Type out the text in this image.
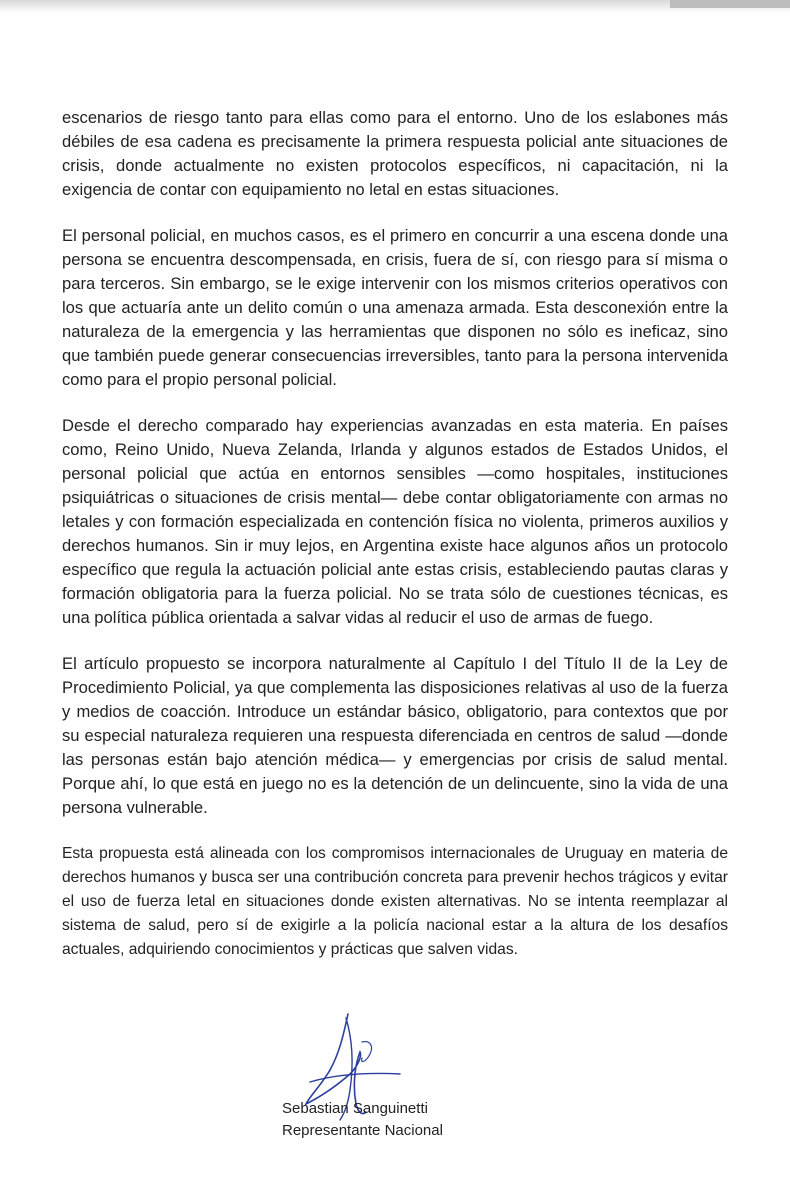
escenarios de riesgo tanto para ellas como para el entorno. Uno de los eslabones más débiles de esa cadena es precisamente la primera respuesta policial ante situaciones de crisis, donde actualmente no existen protocolos específicos, ni capacitación, ni la exigencia de contar con equipamiento no letal en estas situaciones.

El personal policial, en muchos casos, es el primero en concurrir a una escena donde una persona se encuentra descompensada, en crisis, fuera de sí, con riesgo para sí misma o para terceros. Sin embargo, se le exige intervenir con los mismos criterios operativos con los que actuaría ante un delito común o una amenaza armada. Esta desconexión entre la naturaleza de la emergencia y las herramientas que disponen no sólo es ineficaz, sino que también puede generar consecuencias irreversibles, tanto para la persona intervenida como para el propio personal policial.

Desde el derecho comparado hay experiencias avanzadas en esta materia. En países como, Reino Unido, Nueva Zelanda, Irlanda y algunos estados de Estados Unidos, el personal policial que actúa en entornos sensibles —como hospitales, instituciones psiquiátricas o situaciones de crisis mental— debe contar obligatoriamente con armas no letales y con formación especializada en contención física no violenta, primeros auxilios y derechos humanos. Sin ir muy lejos, en Argentina existe hace algunos años un protocolo específico que regula la actuación policial ante estas crisis, estableciendo pautas claras y formación obligatoria para la fuerza policial. No se trata sólo de cuestiones técnicas, es una política pública orientada a salvar vidas al reducir el uso de armas de fuego.

El artículo propuesto se incorpora naturalmente al Capítulo I del Título II de la Ley de Procedimiento Policial, ya que complementa las disposiciones relativas al uso de la fuerza y medios de coacción. Introduce un estándar básico, obligatorio, para contextos que por su especial naturaleza requieren una respuesta diferenciada en centros de salud —donde las personas están bajo atención médica— y emergencias por crisis de salud mental. Porque ahí, lo que está en juego no es la detención de un delincuente, sino la vida de una persona vulnerable.

Esta propuesta está alineada con los compromisos internacionales de Uruguay en materia de derechos humanos y busca ser una contribución concreta para prevenir hechos trágicos y evitar el uso de fuerza letal en situaciones donde existen alternativas. No se intenta reemplazar al sistema de salud, pero sí de exigirle a la policía nacional estar a la altura de los desafíos actuales, adquiriendo conocimientos y prácticas que salven vidas.

Sebastian Sanguinetti
Representante Nacional
